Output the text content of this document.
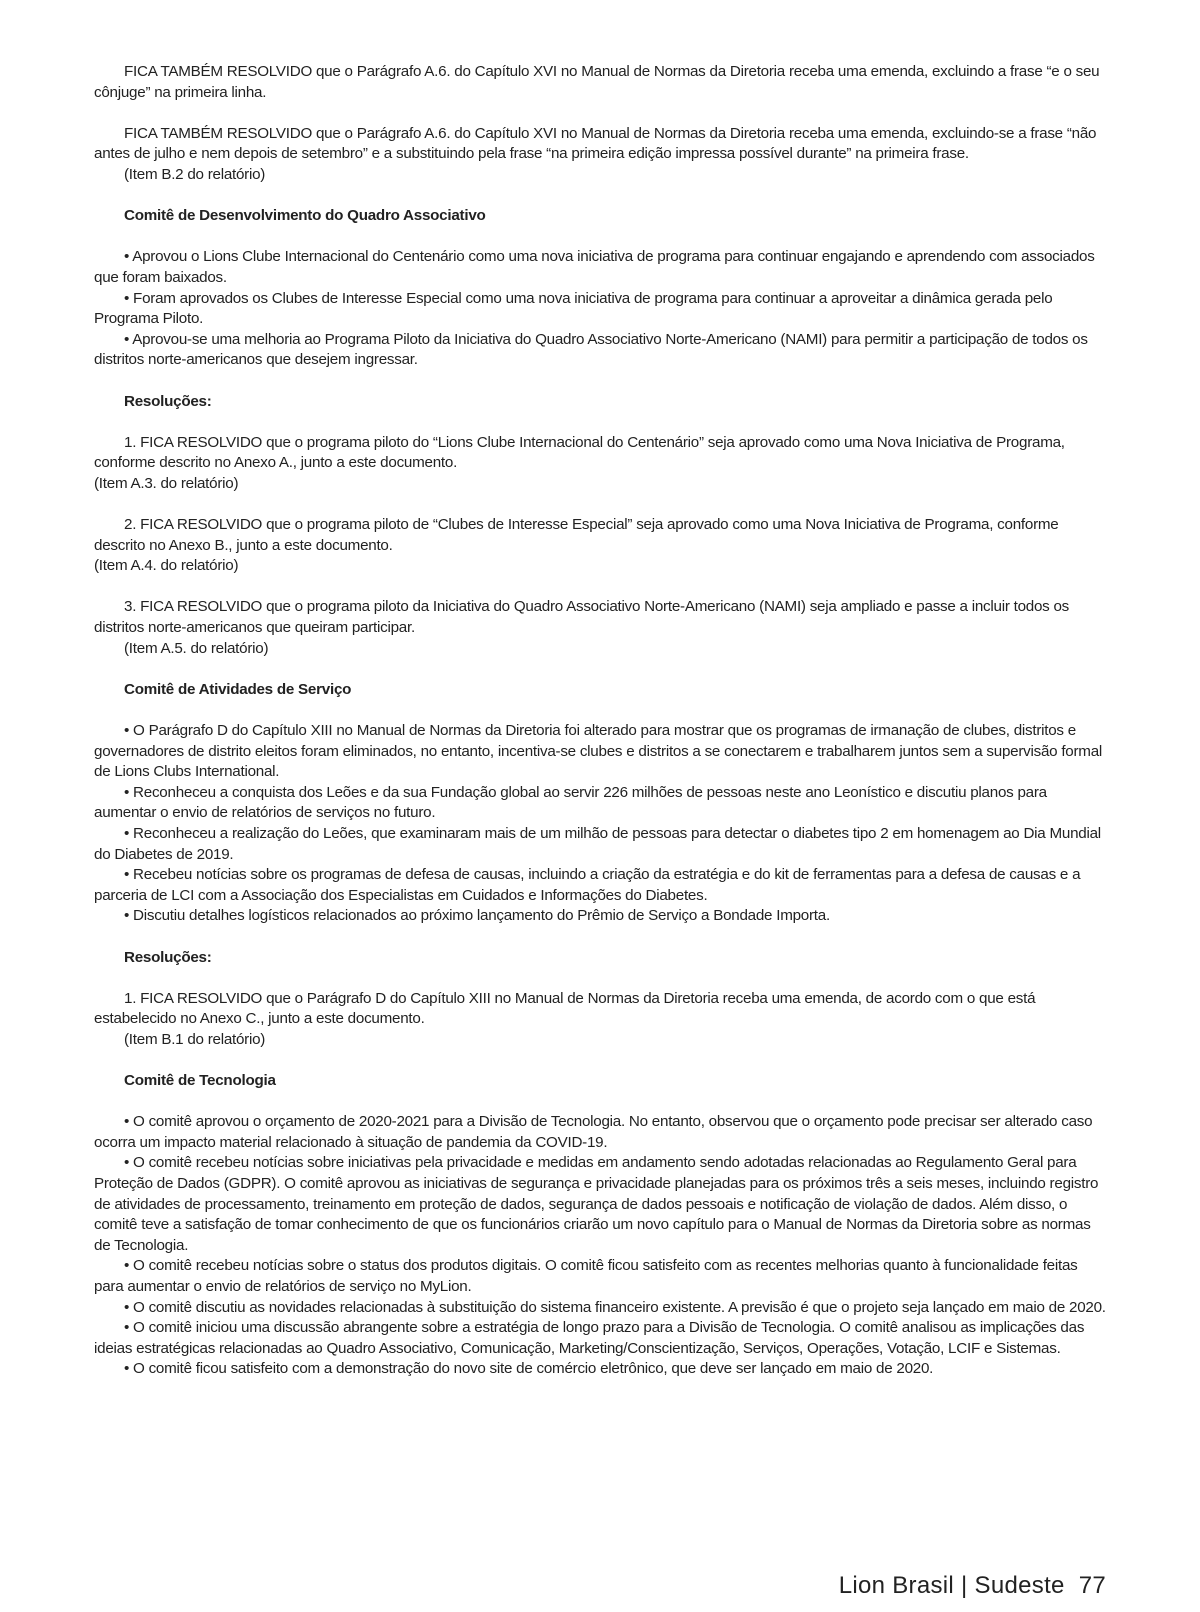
FICA TAMBÉM RESOLVIDO que o Parágrafo A.6. do Capítulo XVI no Manual de Normas da Diretoria receba uma emenda, excluindo a frase “e o seu cônjuge” na primeira linha.

FICA TAMBÉM RESOLVIDO que o Parágrafo A.6. do Capítulo XVI no Manual de Normas da Diretoria receba uma emenda, excluindo-se a frase “não antes de julho e nem depois de setembro” e a substituindo pela frase “na primeira edição impressa possível durante” na primeira frase.

(Item B.2 do relatório)

Comitê de Desenvolvimento do Quadro Associativo

• Aprovou o Lions Clube Internacional do Centenário como uma nova iniciativa de programa para continuar engajando e aprendendo com associados que foram baixados.

• Foram aprovados os Clubes de Interesse Especial como uma nova iniciativa de programa para continuar a aproveitar a dinâmica gerada pelo Programa Piloto.

• Aprovou-se uma melhoria ao Programa Piloto da Iniciativa do Quadro Associativo Norte-Americano (NAMI) para permitir a participação de todos os distritos norte-americanos que desejem ingressar.

Resoluções:

1. FICA RESOLVIDO que o programa piloto do “Lions Clube Internacional do Centenário” seja aprovado como uma Nova Iniciativa de Programa, conforme descrito no Anexo A., junto a este documento.

(Item A.3. do relatório)

2. FICA RESOLVIDO que o programa piloto de “Clubes de Interesse Especial” seja aprovado como uma Nova Iniciativa de Programa, conforme descrito no Anexo B., junto a este documento.

(Item A.4. do relatório)

3. FICA RESOLVIDO que o programa piloto da Iniciativa do Quadro Associativo Norte-Americano (NAMI) seja ampliado e passe a incluir todos os distritos norte-americanos que queiram participar.

(Item A.5. do relatório)

Comitê de Atividades de Serviço

• O Parágrafo D do Capítulo XIII no Manual de Normas da Diretoria foi alterado para mostrar que os programas de irmanação de clubes, distritos e governadores de distrito eleitos foram eliminados, no entanto, incentiva-se clubes e distritos a se conectarem e trabalharem juntos sem a supervisão formal de Lions Clubs International.

• Reconheceu a conquista dos Leões e da sua Fundação global ao servir 226 milhões de pessoas neste ano Leonístico e discutiu planos para aumentar o envio de relatórios de serviços no futuro.

• Reconheceu a realização do Leões, que examinaram mais de um milhão de pessoas para detectar o diabetes tipo 2 em homenagem ao Dia Mundial do Diabetes de 2019.

• Recebeu notícias sobre os programas de defesa de causas, incluindo a criação da estratégia e do kit de ferramentas para a defesa de causas e a parceria de LCI com a Associação dos Especialistas em Cuidados e Informações do Diabetes.

• Discutiu detalhes logísticos relacionados ao próximo lançamento do Prêmio de Serviço a Bondade Importa.

Resoluções:

1. FICA RESOLVIDO que o Parágrafo D do Capítulo XIII no Manual de Normas da Diretoria receba uma emenda, de acordo com o que está estabelecido no Anexo C., junto a este documento.

(Item B.1 do relatório)

Comitê de Tecnologia

• O comitê aprovou o orçamento de 2020-2021 para a Divisão de Tecnologia. No entanto, observou que o orçamento pode precisar ser alterado caso ocorra um impacto material relacionado à situação de pandemia da COVID-19.

• O comitê recebeu notícias sobre iniciativas pela privacidade e medidas em andamento sendo adotadas relacionadas ao Regulamento Geral para Proteção de Dados (GDPR). O comitê aprovou as iniciativas de segurança e privacidade planejadas para os próximos três a seis meses, incluindo registro de atividades de processamento, treinamento em proteção de dados, segurança de dados pessoais e notificação de violação de dados. Além disso, o comitê teve a satisfação de tomar conhecimento de que os funcionários criarão um novo capítulo para o Manual de Normas da Diretoria sobre as normas de Tecnologia.

• O comitê recebeu notícias sobre o status dos produtos digitais. O comitê ficou satisfeito com as recentes melhorias quanto à funcionalidade feitas para aumentar o envio de relatórios de serviço no MyLion.

• O comitê discutiu as novidades relacionadas à substituição do sistema financeiro existente. A previsão é que o projeto seja lançado em maio de 2020.

• O comitê iniciou uma discussão abrangente sobre a estratégia de longo prazo para a Divisão de Tecnologia. O comitê analisou as implicações das ideias estratégicas relacionadas ao Quadro Associativo, Comunicação, Marketing/Conscientização, Serviços, Operações, Votação, LCIF e Sistemas.

• O comitê ficou satisfeito com a demonstração do novo site de comércio eletrônico, que deve ser lançado em maio de 2020.

Lion Brasil | Sudeste 77
